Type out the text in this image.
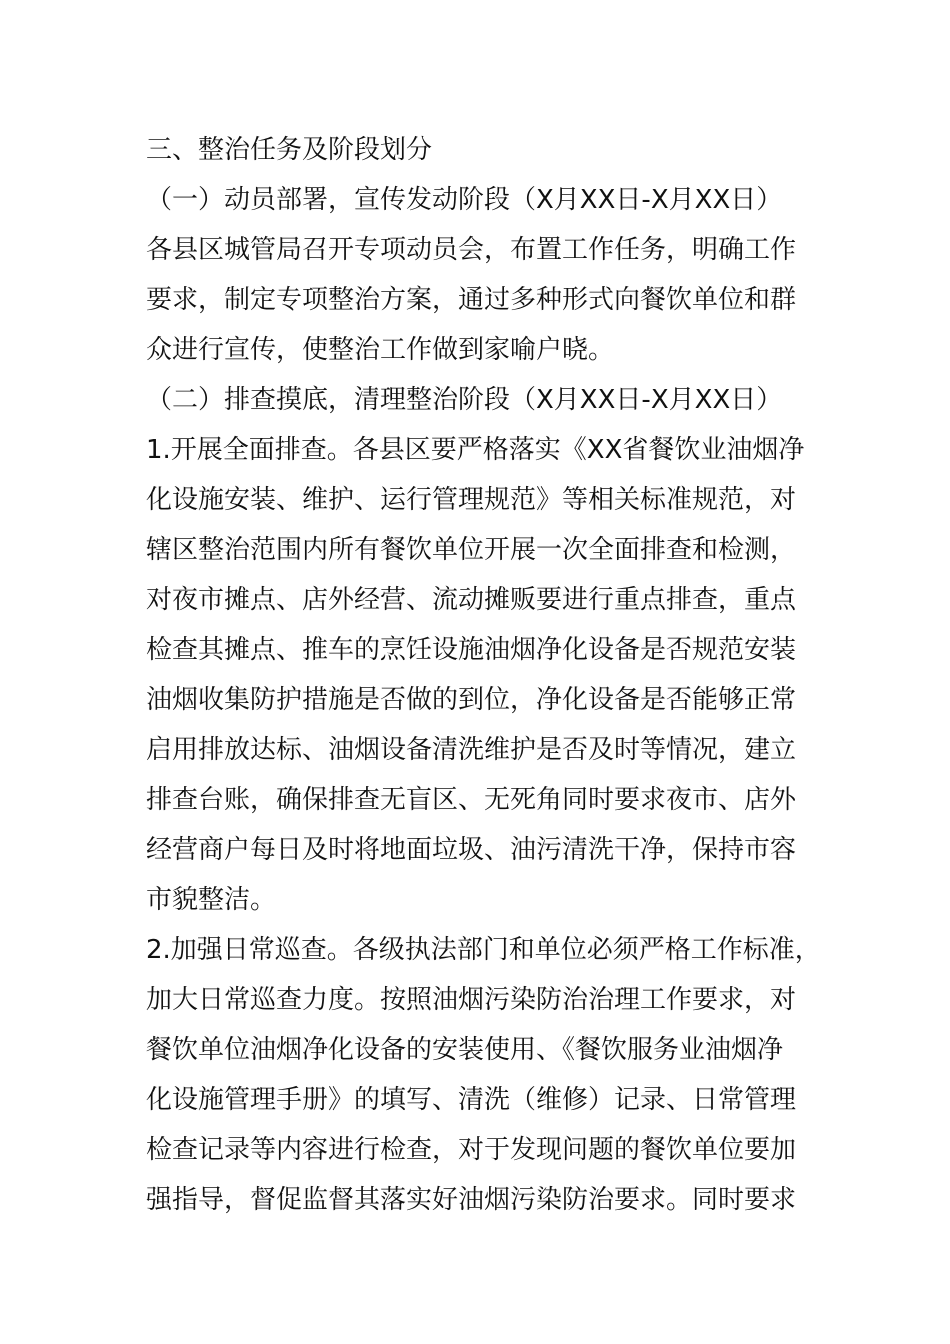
三、整治任务及阶段划分
（一）动员部署，宣传发动阶段（X月XX日-X月XX日）
各县区城管局召开专项动员会，布置工作任务，明确工作
要求，制定专项整治方案，通过多种形式向餐饮单位和群
众进行宣传，使整治工作做到家喻户晓。
（二）排查摸底，清理整治阶段（X月XX日-X月XX日）
1.开展全面排查。各县区要严格落实《XX省餐饮业油烟净
化设施安装、维护、运行管理规范》等相关标准规范，对
辖区整治范围内所有餐饮单位开展一次全面排查和检测，
对夜市摊点、店外经营、流动摊贩要进行重点排查，重点
检查其摊点、推车的烹饪设施油烟净化设备是否规范安装
油烟收集防护措施是否做的到位，净化设备是否能够正常
启用排放达标、油烟设备清洗维护是否及时等情况，建立
排查台账，确保排查无盲区、无死角同时要求夜市、店外
经营商户每日及时将地面垃圾、油污清洗干净，保持市容
市貌整洁。
2.加强日常巡查。各级执法部门和单位必须严格工作标准，
加大日常巡查力度。按照油烟污染防治治理工作要求，对
餐饮单位油烟净化设备的安装使用、《餐饮服务业油烟净
化设施管理手册》的填写、清洗（维修）记录、日常管理
检查记录等内容进行检查，对于发现问题的餐饮单位要加
强指导，督促监督其落实好油烟污染防治要求。同时要求
